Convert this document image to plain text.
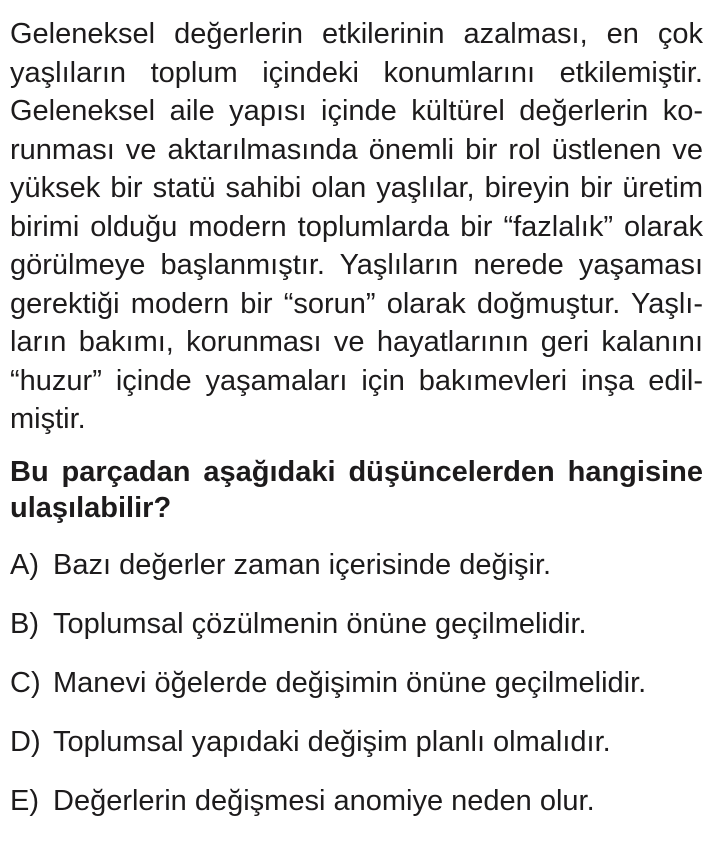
Geleneksel değerlerin etkilerinin azalması, en çok
yaşlıların toplum içindeki konumlarını etkilemiştir.
Geleneksel aile yapısı içinde kültürel değerlerin ko-
runması ve aktarılmasında önemli bir rol üstlenen ve
yüksek bir statü sahibi olan yaşlılar, bireyin bir üretim
birimi olduğu modern toplumlarda bir “fazlalık” olarak
görülmeye başlanmıştır. Yaşlıların nerede yaşaması
gerektiği modern bir “sorun” olarak doğmuştur. Yaşlı-
ların bakımı, korunması ve hayatlarının geri kalanını
“huzur” içinde yaşamaları için bakımevleri inşa edil-
miştir.
Bu parçadan aşağıdaki düşüncelerden hangisine
ulaşılabilir?
A) Bazı değerler zaman içerisinde değişir.
B) Toplumsal çözülmenin önüne geçilmelidir.
C) Manevi öğelerde değişimin önüne geçilmelidir.
D) Toplumsal yapıdaki değişim planlı olmalıdır.
E) Değerlerin değişmesi anomiye neden olur.
